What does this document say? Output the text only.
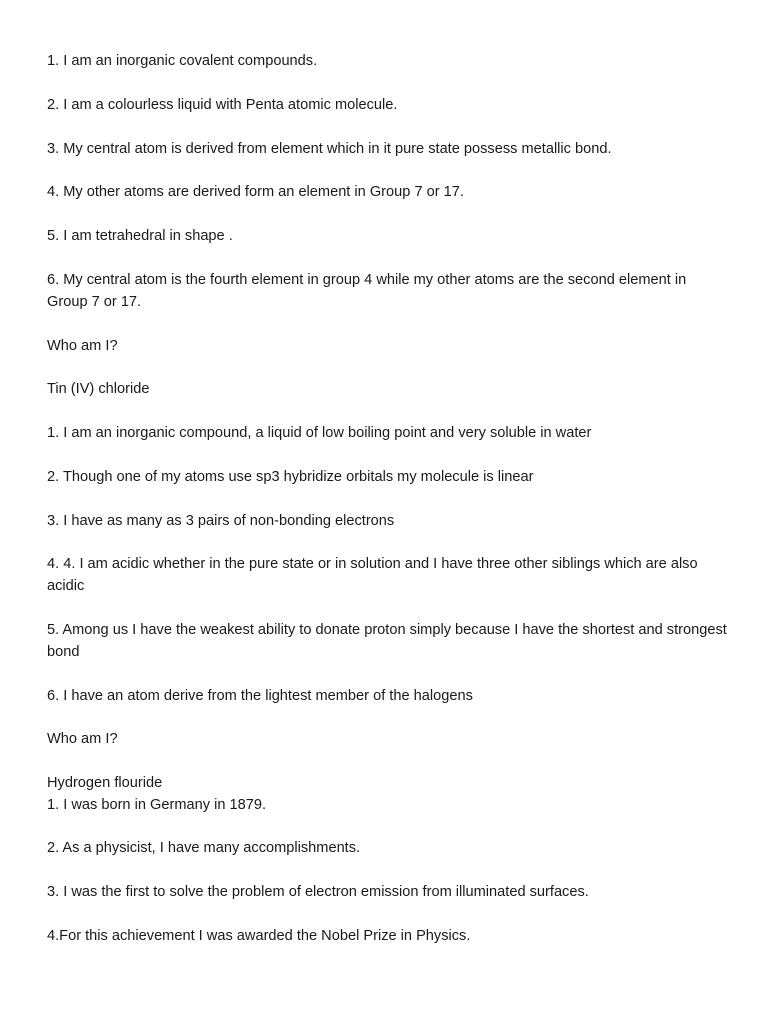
1. I am an inorganic covalent compounds.
2. I am a colourless liquid with Penta atomic molecule.
3. My central atom is derived from element which in it pure state possess metallic bond.
4. My other atoms are derived form an element in Group 7 or 17.
5. I am tetrahedral in shape .
6. My central atom is the fourth element in group 4 while my other atoms are the second element in Group 7 or 17.
Who am I?
Tin (IV) chloride
1. I am an inorganic compound, a liquid of low boiling point and very soluble in water
2. Though one of my atoms use sp3 hybridize orbitals my molecule is linear
3. I have as many as 3 pairs of non-bonding electrons
4. 4. I am acidic whether in the pure state or in solution and I have three other siblings which are also acidic
5. Among us I have the weakest ability to donate proton simply because I have the shortest and strongest bond
6. I have an atom derive from the lightest member of the halogens
Who am I?
Hydrogen flouride
1. I was born in Germany in 1879.
2. As a physicist, I have many accomplishments.
3. I was the first to solve the problem of electron emission from illuminated surfaces.
4.For this achievement I was awarded the Nobel Prize in Physics.
